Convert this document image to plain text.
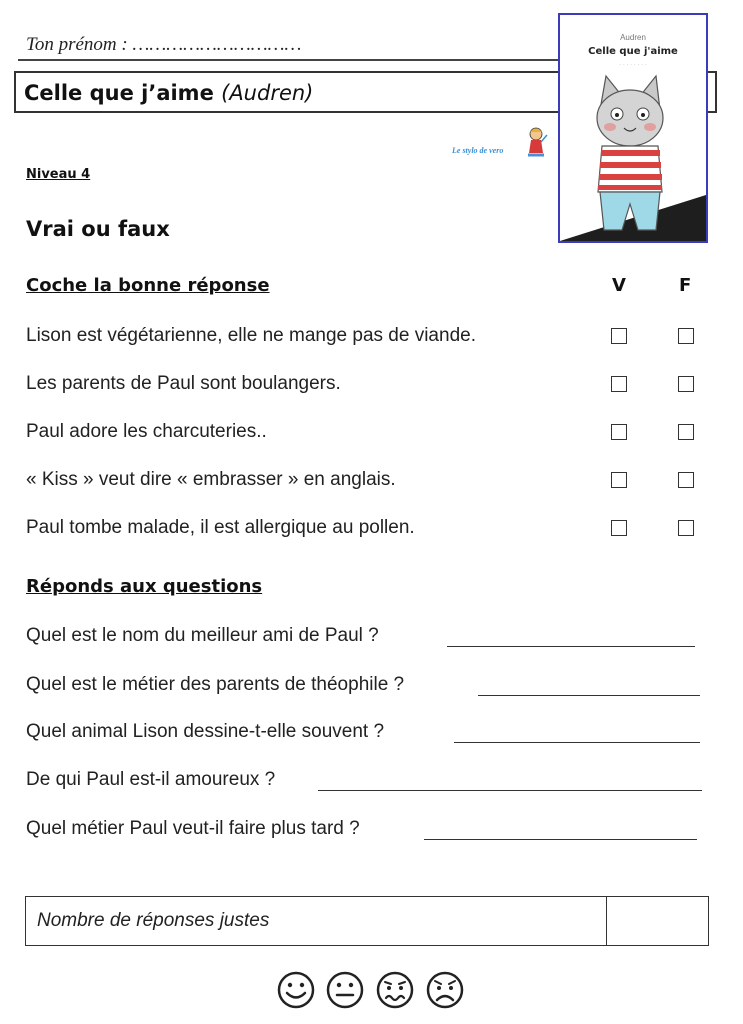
Ton prénom : …………………………
Celle que j’aime (Audren)
Le stylo de vero
Audren
Celle que j'aime
· · · · · · · ·
Niveau 4
Vrai ou faux
Coche la bonne réponse	V	F
Lison est végétarienne, elle ne mange pas de viande.
Les parents de Paul sont boulangers.
Paul adore les charcuteries..
« Kiss » veut dire « embrasser » en anglais.
Paul tombe malade, il est allergique au pollen.
Réponds aux questions
Quel est le nom du meilleur ami de Paul ?
Quel est le métier des parents de théophile ?
Quel animal Lison dessine-t-elle souvent ?
De qui Paul est-il amoureux ?
Quel métier Paul veut-il faire plus tard ?
Nombre de réponses justes
